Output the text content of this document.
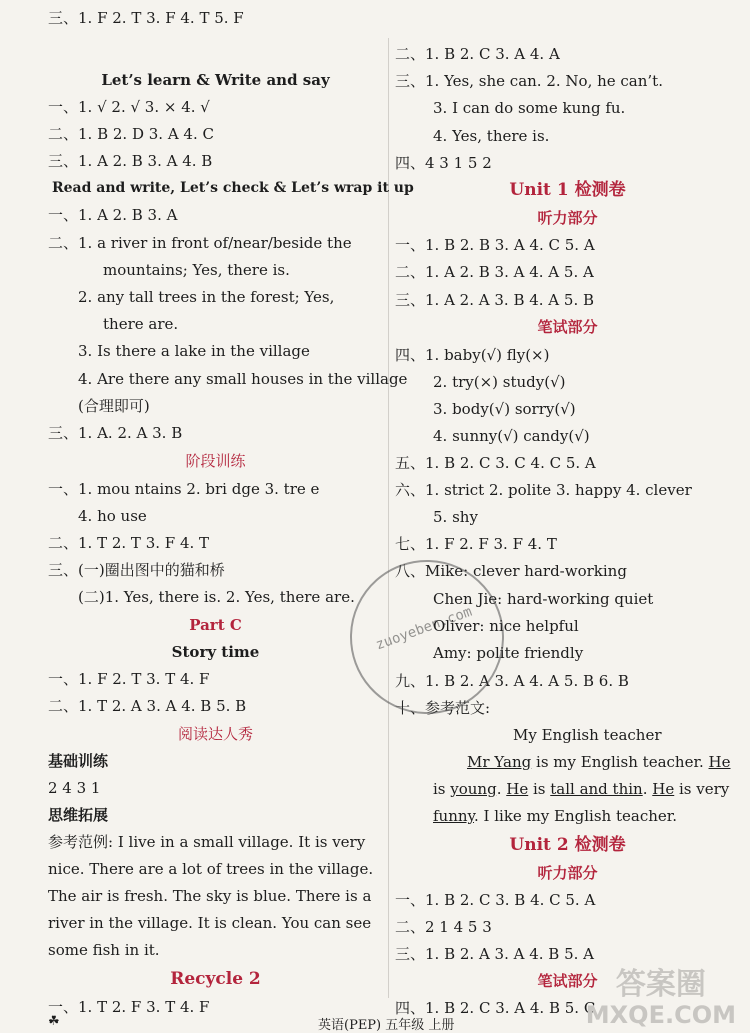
三、1. F 2. T 3. F 4. T 5. F
Let’s learn & Write and say
一、1. √ 2. √ 3. × 4. √
二、1. B 2. D 3. A 4. C
三、1. A 2. B 3. A 4. B
Read and write, Let’s check & Let’s wrap it up
一、1. A 2. B 3. A
二、1. a river in front of/near/beside the
mountains; Yes, there is.
2. any tall trees in the forest; Yes,
there are.
3. Is there a lake in the village
4. Are there any small houses in the village
(合理即可)
三、1. A. 2. A 3. B
阶段训练
一、1. mou ntains 2. bri dge 3. tre e
4. ho use
二、1. T 2. T 3. F 4. T
三、(一)圈出图中的猫和桥
(二)1. Yes, there is. 2. Yes, there are.
Part C
Story time
一、1. F 2. T 3. T 4. F
二、1. T 2. A 3. A 4. B 5. B
阅读达人秀
基础训练
2 4 3 1
思维拓展
参考范例: I live in a small village. It is very
nice. There are a lot of trees in the village.
The air is fresh. The sky is blue. There is a
river in the village. It is clean. You can see
some fish in it.
Recycle 2
一、1. T 2. F 3. T 4. F
二、1. B 2. C 3. A 4. A
三、1. Yes, she can. 2. No, he can’t.
3. I can do some kung fu.
4. Yes, there is.
四、4 3 1 5 2
Unit 1 检测卷
听力部分
一、1. B 2. B 3. A 4. C 5. A
二、1. A 2. B 3. A 4. A 5. A
三、1. A 2. A 3. B 4. A 5. B
笔试部分
四、1. baby(√) fly(×)
2. try(×) study(√)
3. body(√) sorry(√)
4. sunny(√) candy(√)
五、1. B 2. C 3. C 4. C 5. A
六、1. strict 2. polite 3. happy 4. clever
5. shy
七、1. F 2. F 3. F 4. T
八、Mike: clever hard-working
Chen Jie: hard-working quiet
Oliver: nice helpful
Amy: polite friendly
九、1. B 2. A 3. A 4. A 5. B 6. B
十、参考范文:
My English teacher
Mr Yang is my English teacher. He
is young. He is tall and thin. He is very
funny. I like my English teacher.
Unit 2 检测卷
听力部分
一、1. B 2. C 3. B 4. C 5. A
二、2 1 4 5 3
三、1. B 2. A 3. A 4. B 5. A
笔试部分
四、1. B 2. C 3. A 4. B 5. C
zuoyeben.com
答案圈
MXQE.COM
☘	英语(PEP) 五年级 上册
